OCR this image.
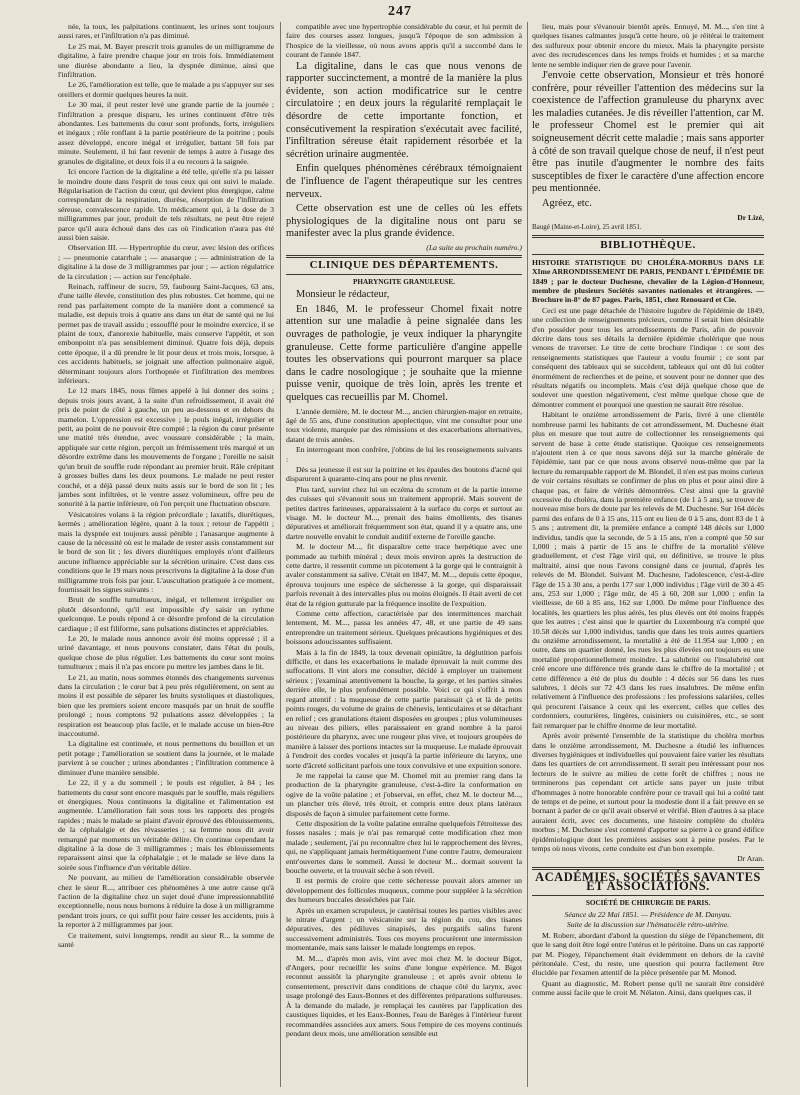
247

née, la toux, les palpitations continuent, les urines sont toujours aussi rares, et l'infiltration n'a pas diminué.

Le 25 mai, M. Bayer prescrit trois granules de un milligramme de digitaline, à faire prendre chaque jour en trois fois. Immédiatement une diurèse abondante a lieu, la dyspnée diminue, ainsi que l'infiltration.

Le 26, l'amélioration est telle, que le malade a pu s'appuyer sur ses oreillers et dormir quelques heures la nuit.

Le 30 mai, il peut rester levé une grande partie de la journée ; l'infiltration a presque disparu, les urines continuent d'être très abondantes. Les battements du cœur sont profonds, forts, irréguliers et inégaux ; rôle ronflant à la partie postérieure de la poitrine ; pouls assez développé, encore inégal et irrégulier, battant 58 fois par minute. Seulement, il lui faut revenir de temps à autre à l'usage des granules de digitaline, et deux fois il a eu recours à la saignée.

Ici encore l'action de la digitaline a été telle, qu'elle n'a pu laisser le moindre doute dans l'esprit de tous ceux qui ont suivi le malade. Régularisation de l'action du cœur, qui devient plus énergique, calme correspondant de la respiration, diurèse, résorption de l'infiltration séreuse, convalescence rapide. Un médicament qui, à la dose de 3 milligrammes par jour, produit de tels résultats, ne peut être rejeté parce qu'il aura échoué dans des cas où l'indication n'aura pas été aussi bien saisie.

Observation III. — Hypertrophie du cœur, avec lésion des orifices ; — pneumonie catarrhale ; — anasarque ; — administration de la digitaline à la dose de 3 milligrammes par jour ; — action régulatrice de la circulation ; — action sur l'encéphale.

Reinach, raffineur de sucre, 59, faubourg Saint-Jacques, 63 ans, d'une taille élevée, constitution des plus robustes. Cet homme, qui ne rend pas parfaitement compte de la manière dont a commencé sa maladie, est depuis trois à quatre ans dans un état de santé qui ne lui permet pas de travail assidu ; essoufflé pour le moindre exercice, il se plaint de toux, d'anorexie habituelle, mais conserve l'appétit, et son embonpoint n'a pas sensiblement diminué. Quatre fois déjà, depuis cette époque, il a dû prendre le lit pour deux et trois mois, lorsque, à ces accidents habituels, se joignait une affection pulmonaire aiguë, déterminant toujours alors l'orthopnée et l'infiltration des membres inférieurs.

Le 12 mars 1845, nous fûmes appelé à lui donner des soins ; depuis trois jours avant, à la suite d'un refroidissement, il avait été pris de point de côté à gauche, un peu au-dessous et en dehors du mamelon. L'oppression est excessive ; le pouls inégal, irrégulier et petit, au point de ne pouvoir être compté ; la région du cœur présente une matité très étendue, avec voussure considérable ; la main, appliquée sur cette région, perçoit un frémissement très marqué et un désordre extrême dans les mouvements de l'organe ; l'oreille ne saisit qu'un bruit de souffle rude répondant au premier bruit. Râle crépitant à grosses bulles dans les deux poumons. Le malade ne peut rester couché, et a déjà passé deux nuits assis sur le bord de son lit ; les jambes sont infiltrées, et le ventre assez volumineux, offre peu de sonorité à la partie inférieure, où l'on perçoit une fluctuation obscure.

Vésicatoires volans à la région précordiale ; laxatifs, diurétiques, kermès ; amélioration légère, quant à la toux ; retour de l'appétit ; mais la dyspnée est toujours aussi pénible ; l'anasarque augmente à cause de la nécessité où est le malade de rester assis constamment sur le bord de son lit ; les divers diurétiques employés n'ont d'ailleurs aucune influence appréciable sur la sécrétion urinaire. C'est dans ces conditions que le 19 mars nous prescrivons la digitaline à la dose d'un milligramme trois fois par jour. L'auscultation pratiquée à ce moment, fournissait les signes suivants :

Bruit de souffle tumultueux, inégal, et tellement irrégulier ou plutôt désordonné, qu'il est impossible d'y saisir un rythme quelconque. Le pouls répond à ce désordre profond de la circulation cardiaque ; il est filiforme, sans pulsations distinctes et appréciables.

Le 20, le malade nous annonce avoir été moins oppressé ; il a uriné davantage, et nous pouvons constater, dans l'état du pouls, quelque chose de plus régulier. Les battements du cœur sont moins tumultueux ; mais il n'a pas encore pu mettre les jambes dans le lit.

Le 21, au matin, nous sommes étonnés des changements survenus dans la circulation ; le cœur bat à peu près régulièrement, on sent au moins il est possible de séparer les bruits systoliques et diastoliques, bien que les premiers soient encore masqués par un bruit de souffle prolongé ; nous comptons 92 pulsations assez développées ; la respiration est beaucoup plus facile, et le malade accuse un bien-être inaccoutumé.

La digitaline est continuée, et nous permettons du bouillon et un petit potage ; l'amélioration se soutient dans la journée, et le malade parvient à se coucher ; urines abondantes ; l'infiltration commence à diminuer d'une manière sensible.

Le 22, il y a du sommeil ; le pouls est régulier, à 84 ; les battements du cœur sont encore masqués par le souffle, mais réguliers et énergiques. Nous continuons la digitaline et l'alimentation est augmentée. L'amélioration fait sous tous les rapports des progrès rapides ; mais le malade se plaint d'avoir éprouvé des éblouissements, de la céphalalgie et des révasseries ; sa femme nous dit avoir remarqué par moments un véritable délire. On continue cependant la digitaline à la dose de 3 milligrammes ; mais les éblouissements reparaissent ainsi que la céphalalgie ; et le malade se lève dans la soirée sous l'influence d'un véritable délire.

Ne pouvant, au milieu de l'amélioration considérable observée chez le sieur R..., attribuer ces phénomènes à une autre cause qu'à l'action de la digitaline chez un sujet doué d'une impressionnabilité exceptionnelle, nous nous bornons à réduire la dose à un milligramme pendant trois jours, ce qui suffit pour faire cesser les accidents, puis à la reporter à 2 milligrammes par jour.

Ce traitement, suivi longtemps, rendit au sieur R... la somme de santé

compatible avec une hypertrophie considérable du cœur, et lui permit de faire des courses assez longues, jusqu'à l'époque de son admission à l'hospice de la vieillesse, où nous avons appris qu'il a succombé dans le courant de l'année 1847.

La digitaline, dans le cas que nous venons de rapporter succinctement, a montré de la manière la plus évidente, son action modificatrice sur le centre circulatoire ; en deux jours la régularité remplaçait le désordre de cette importante fonction, et consécutivement la respiration s'exécutait avec facilité, l'infiltration séreuse était rapidement résorbée et la sécrétion urinaire augmentée.

Enfin quelques phénomènes cérébraux témoignaient de l'influence de l'agent thérapeutique sur les centres nerveux.

Cette observation est une de celles où les effets physiologiques de la digitaline nous ont paru se manifester avec la plus grande évidence.

(La suite au prochain numéro.)

CLINIQUE DES DÉPARTEMENTS.
PHARYNGITE GRANULEUSE.

Monsieur le rédacteur,

En 1846, M. le professeur Chomel fixait notre attention sur une maladie à peine signalée dans les ouvrages de pathologie, je veux indiquer la pharyngite granuleuse. Cette forme particulière d'angine appelle toutes les observations qui pourront marquer sa place dans le cadre nosologique ; je souhaite que la mienne puisse venir, quoique de très loin, après les trente et quelques cas recueillis par M. Chomel.

L'année dernière, M. le docteur M..., ancien chirurgien-major en retraite, âgé de 55 ans, d'une constitution apoplectique, vint me consulter pour une toux violente, marquée par des rémissions et des exacerbations alternatives, datant de trois années.

En interrogeant mon confrère, j'obtins de lui les renseignements suivants :

Dès sa jeunesse il est sur la poitrine et les épaules des boutons d'acné qui disparurent à quarante-cinq ans pour ne plus revenir.

Plus tard, survint chez lui un eczéma du scrotum et de la partie interne des cuisses qui s'évanouit sous un traitement approprié. Mais souvent de petites dartres farineuses, apparaissaient à la surface du corps et surtout au visage. M. le docteur M..., prenait des bains émollients, des tisanes dépuratives et améliorait fréquemment son état, quand il y a quatre ans, une dartre nouvelle envahit le conduit auditif externe de l'oreille gauche.

M. le docteur M..., fit disparaître cette trace herpétique avec une pommade au turbith minéral ; deux mois environ après la destruction de cette dartre, il ressentit comme un picotement à la gorge qui le contraignit à avaler constamment sa salive. C'était en 1847, M. M..., depuis cette époque, éprouva toujours une espèce de sécheresse à la gorge, qui disparaissait parfois revenait à des intervalles plus ou moins éloignés. Il était averti de cet état de la région gutturale par la fréquence insolite de l'expuition.

Comme cette affection, caractérisée par des intermittences marchait lentement, M. M..., passa les années 47, 48, et une partie de 49 sans entreprendre un traitement sérieux. Quelques précautions hygiéniques et des boissons adoucissantes suffisaient.

Mais à la fin de 1849, la toux devenait opiniâtre, la déglutition parfois difficile, et dans les exacerbations le malade éprouvait la nuit comme des suffocations. Il vint alors me consulter, décidé à employer un traitement sérieux ; j'examinai attentivement la bouche, la gorge, et les parties situées derrière elle, le plus profondément possible. Voici ce qui s'offrit à mon regard attentif : la muqueuse de cette partie paraissait çà et là de petits points rouges, du volume de grains de chènevis, lenticulaires et se détachant en relief ; ces granulations étaient disposées en groupes ; plus volumineuses au niveau des piliers, elles paraissaient en grand nombre à la paroi postérieure du pharynx, avec une rougeur plus vive, et toujours groupées de manière à laisser des portions intactes sur la muqueuse. Le malade éprouvait à l'endroit des cordes vocales et jusqu'à la partie inférieure du larynx, une sorte d'âcreté sollicitant parfois une toux convulsive et une expuition sonore.

Je me rappelai la cause que M. Chomel mit au premier rang dans la production de la pharyngite granuleuse, c'est-à-dire la conformation en ogive de la voûte palatine ; et j'observai, en effet, chez M. le docteur M..., un plancher très élevé, très étroit, et compris entre deux plans latéraux disposés de façon à simuler parfaitement cette forme.

Cette disposition de la voûte palatine entraîne quelquefois l'étroitesse des fosses nasales ; mais je n'ai pas remarqué cette modification chez mon malade ; seulement, j'ai pu reconnaître chez lui le rapprochement des lèvres, qui, ne s'appliquant jamais hermétiquement l'une contre l'autre, demeuraient entr'ouvertes dans le sommeil. Aussi le docteur M... dormait souvent la bouche ouverte, et la trouvait sèche à son réveil.

Il est permis de croire que cette sécheresse pouvait alors amener un développement des follicules muqueux, comme pour suppléer à la sécrétion des humeurs buccales desséchées par l'air.

Après un examen scrupuleux, je cautérisai toutes les parties visibles avec le nitrate d'argent ; un vésicatoire sur la région du cou, des tisanes dépuratives, des pédiluves sinapisés, des purgatifs salins furent successivement administrés. Tous ces moyens procurèrent une intermission momentanée, mais sans laisser le malade longtemps en repos.

M. M..., d'après mon avis, vint avec moi chez M. le docteur Bigot, d'Angers, pour recueillir les soins d'une longue expérience. M. Bigot reconnut aussitôt la pharyngite granuleuse ; et après avoir obtenu le consentement, prescrivit dans conditions de chaque côté du larynx, avec usage prolongé des Eaux-Bonnes et des différentes préparations sulfureuses. À la demande du malade, je remplaçai les cautères par l'application des caustiques liquides, et les Eaux-Bonnes, l'eau de Barèges à l'intérieur furent recommandées associées aux amers. Sous l'empire de ces moyens continués pendant deux mois, une amélioration sensible eut

lieu, mais pour s'évanouir bientôt après. Ennuyé, M. M..., s'en tint à quelques tisanes calmantes jusqu'à cette heure, où je réitérai le traitement des sulfureux pour obtenir encore du mieux. Mais la pharyngite persiste avec des recrudescences dans les temps froids et humides ; et sa marche lente ne semble indiquer rien de grave pour l'avenir.

J'envoie cette observation, Monsieur et très honoré confrère, pour réveiller l'attention des médecins sur la coexistence de l'affection granuleuse du pharynx avec les maladies cutanées. Je dis réveiller l'attention, car M. le professeur Chomel est le premier qui ait soigneusement décrit cette maladie ; mais sans apporter à côté de son travail quelque chose de neuf, il n'est peut être pas inutile d'augmenter le nombre des faits susceptibles de fixer le caractère d'une affection encore peu mentionnée.

Agréez, etc.

Dr Lizé,

Baugé (Maine-et-Loire), 25 avril 1851.

BIBLIOTHÈQUE.

HISTOIRE STATISTIQUE DU CHOLÉRA-MORBUS DANS LE XIme ARRONDISSEMENT DE PARIS, PENDANT L'ÉPIDÉMIE DE 1849 ; par le docteur Duchesne, chevalier de la Légion-d'Honneur, membre de plusieurs Sociétés savantes nationales et étrangères. — Brochure in-8° de 87 pages. Paris, 1851, chez Renouard et Cie.

Ceci est une page détachée de l'histoire lugubre de l'épidémie de 1849, une collection de renseignements précieux, comme il serait bien désirable d'en posséder pour tous les arrondissements de Paris, afin de pouvoir décrire dans tous ses détails la dernière épidémie cholérique que nous venons de traverser. Le titre de cette brochure l'indique : ce sont des renseignements statistiques que l'auteur a voulu fournir ; ce sont par conséquent des tableaux qui se succèdent, tableaux qui ont dû lui coûter énormément de recherches et de peine, et souvent pour ne donner que des résultats négatifs ou incomplets. Mais c'est déjà quelque chose que de soulever une question négativement, c'est même quelque chose que de démontrer comment et pourquoi une question ne saurait être résolue.

Habitant le onzième arrondissement de Paris, livré à une clientèle nombreuse parmi les habitants de cet arrondissement, M. Duchesne était plus en mesure que tout autre de collectionner les renseignements qui servent de base à cette étude statistique. Quoique ces renseignements n'ajoutent rien à ce que nous savons déjà sur la marche générale de l'épidémie, tant par ce que nous avons observé nous-même que par la lecture du remarquable rapport de M. Blondel, il n'en est pas moins curieux de voir certains résultats se confirmer de plus en plus et pour ainsi dire à chaque pas, et faire de vérités démontrées. C'est ainsi que la gravité excessive du choléra, dans la première enfance (de 1 à 5 ans), se trouve de nouveau mise hors de doute par les relevés de M. Duchesne. Sur 164 décès parmi des enfans de 0 à 15 ans, 115 ont eu lieu de 0 à 5 ans, dont 83 de 1 à 5 ans ; autrement dit, la première enfance a compté 148 décès sur 1,000 individus, tandis que la seconde, de 5 à 15 ans, n'en a compté que 50 sur 1,000 ; mais à partir de 15 ans le chiffre de la mortalité s'élève graduellement, et c'est l'âge viril qui, en définitive, se trouve le plus maltraité, ainsi que nous l'avons consigné dans ce journal, d'après les relevés de M. Blondel. Suivant M. Duchesne, l'adolescence, c'est-à-dire l'âge de 15 à 30 ans, a perdu 177 sur 1,000 individus ; l'âge viril de 30 à 45 ans, 253 sur 1,000 ; l'âge mûr, de 45 à 60, 208 sur 1,000 ; enfin la vieillesse, de 60 à 85 ans, 162 sur 1,000. De même pour l'influence des localités, les quartiers les plus aérés, les plus élevés ont été moins frappés que les autres ; c'est ainsi que le quartier du Luxembourg n'a compté que 10.58 décès sur 1,000 individus, tandis que dans les trois autres quartiers du onzième arrondissement, la mortalité a été de 11.954 sur 1,000 ; en outre, dans un quartier donné, les rues les plus élevées ont toujours eu une mortalité proportionnellement moindre. La salubrité ou l'insalubrité ont créé encore une différence très grande dans le chiffre de la mortalité ; et cette différence a été de plus du double : 4 décès sur 56 dans les rues salubres, 1 décès sur 72 4/3 dans les rues insalubres. De même enfin relativement à l'influence des professions : les professions salariées, celles qui procurent l'aisance à ceux qui les exercent, celles que celles des cordonniers, couturières, lingères, cuisiniers ou cuisinières, etc., se sont fait remarquer par le chiffre énorme de leur mortalité.

Après avoir présenté l'ensemble de la statistique du choléra morbus dans le onzième arrondissement, M. Duchesne a étudié les influences diverses hygiéniques et individuelles qui pouvaient faire varier les résultats dans les quartiers de cet arrondissement. Il serait peu intéressant pour nos lecteurs de le suivre au milieu de cette forêt de chiffres ; nous ne terminerons pas cependant cet article sans payer un juste tribut d'hommages à notre honorable confrère pour ce travail qui lui a coûté tant de temps et de peine, et surtout pour la modestie dont il a fait preuve en se bornant à parler de ce qu'il avait observé et vérifié. Bien d'autres à sa place auraient écrit, avec ces documents, une histoire complète du choléra morbus ; M. Duchesne s'est contenté d'apporter sa pierre à ce grand édifice épidémiologique dont les premières assises sont à peine posées. Par le temps où nous vivons, cette conduite est d'un bon exemple.

Dr Aran.

ACADÉMIES, SOCIÉTÉS SAVANTES ET ASSOCIATIONS.
SOCIÉTÉ DE CHIRURGIE DE PARIS.

Séance du 22 Mai 1851. — Présidence de M. Danyau.

Suite de la discussion sur l'hématocèle rétro-utérine.

M. Roberr, abordant d'abord la question du siège de l'épanchement, dit que le sang doit être logé entre l'utérus et le péritoine. Dans un cas rapporté par M. Piogey, l'épanchement était évidemment en dehors de la cavité péritonéale. C'est, du reste, une question qui pourra facilement être élucidée par l'examen attentif de la pièce présentée par M. Monod.

Quant au diagnostic, M. Robert pense qu'il ne saurait être considéré comme aussi facile que le croit M. Nélaton. Ainsi, dans quelques cas, il
